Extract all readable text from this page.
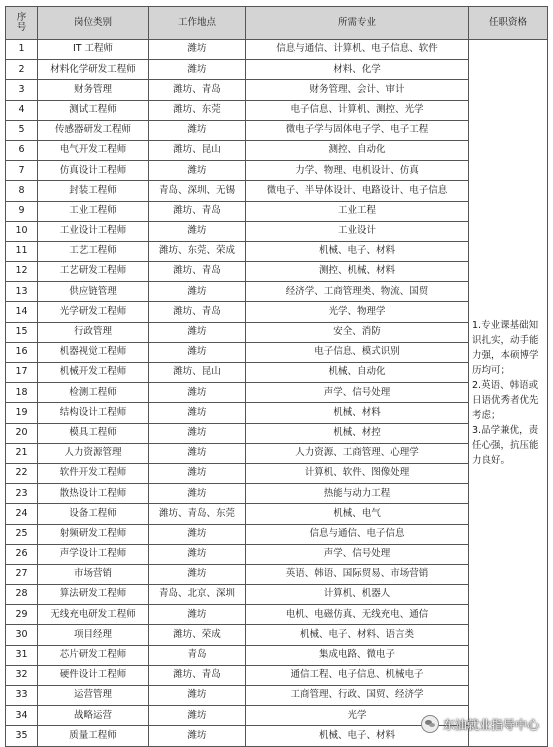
序
号	岗位类别	工作地点	所需专业	任职资格
1	IT 工程师	潍坊	信息与通信、计算机、电子信息、软件	1.专业课基础知识扎实，动手能力强，本硕博学历均可；
2.英语、韩语或日语优秀者优先考虑；
3.品学兼优，责任心强，抗压能力良好。
2	材料化学研发工程师	潍坊	材料、化学	
3	财务管理	潍坊、青岛	财务管理、会计、审计	
4	测试工程师	潍坊、东莞	电子信息、计算机、测控、光学	
5	传感器研发工程师	潍坊	微电子学与固体电子学、电子工程	
6	电气开发工程师	潍坊、昆山	测控、自动化	
7	仿真设计工程师	潍坊	力学、物理、电机设计、仿真	
8	封装工程师	青岛、深圳、无锡	微电子、半导体设计、电路设计、电子信息	
9	工业工程师	潍坊、青岛	工业工程	
10	工业设计工程师	潍坊	工业设计	
11	工艺工程师	潍坊、东莞、荣成	机械、电子、材料	
12	工艺研发工程师	潍坊、青岛	测控、机械、材料	
13	供应链管理	潍坊	经济学、工商管理类、物流、国贸	
14	光学研发工程师	潍坊、青岛	光学、物理学	
15	行政管理	潍坊	安全、消防	
16	机器视觉工程师	潍坊	电子信息、模式识别	
17	机械开发工程师	潍坊、昆山	机械、自动化	
18	检测工程师	潍坊	声学、信号处理	
19	结构设计工程师	潍坊	机械、材料	
20	模具工程师	潍坊	机械、材控	
21	人力资源管理	潍坊	人力资源、工商管理、心理学	
22	软件开发工程师	潍坊	计算机、软件、图像处理	
23	散热设计工程师	潍坊	热能与动力工程	
24	设备工程师	潍坊、青岛、东莞	机械、电气	
25	射频研发工程师	潍坊	信息与通信、电子信息	
26	声学设计工程师	潍坊	声学、信号处理	
27	市场营销	潍坊	英语、韩语、国际贸易、市场营销	
28	算法研发工程师	青岛、北京、深圳	计算机、机器人	
29	无线充电研发工程师	潍坊	电机、电磁仿真、无线充电、通信	
30	项目经理	潍坊、荣成	机械、电子、材料、语言类	
31	芯片研发工程师	青岛	集成电路、微电子	
32	硬件设计工程师	潍坊、青岛	通信工程、电子信息、机械电子	
33	运营管理	潍坊	工商管理、行政、国贸、经济学	
34	战略运营	潍坊	光学	
35	质量工程师	潍坊	机械、电子、材料	
东油就业指导中心
